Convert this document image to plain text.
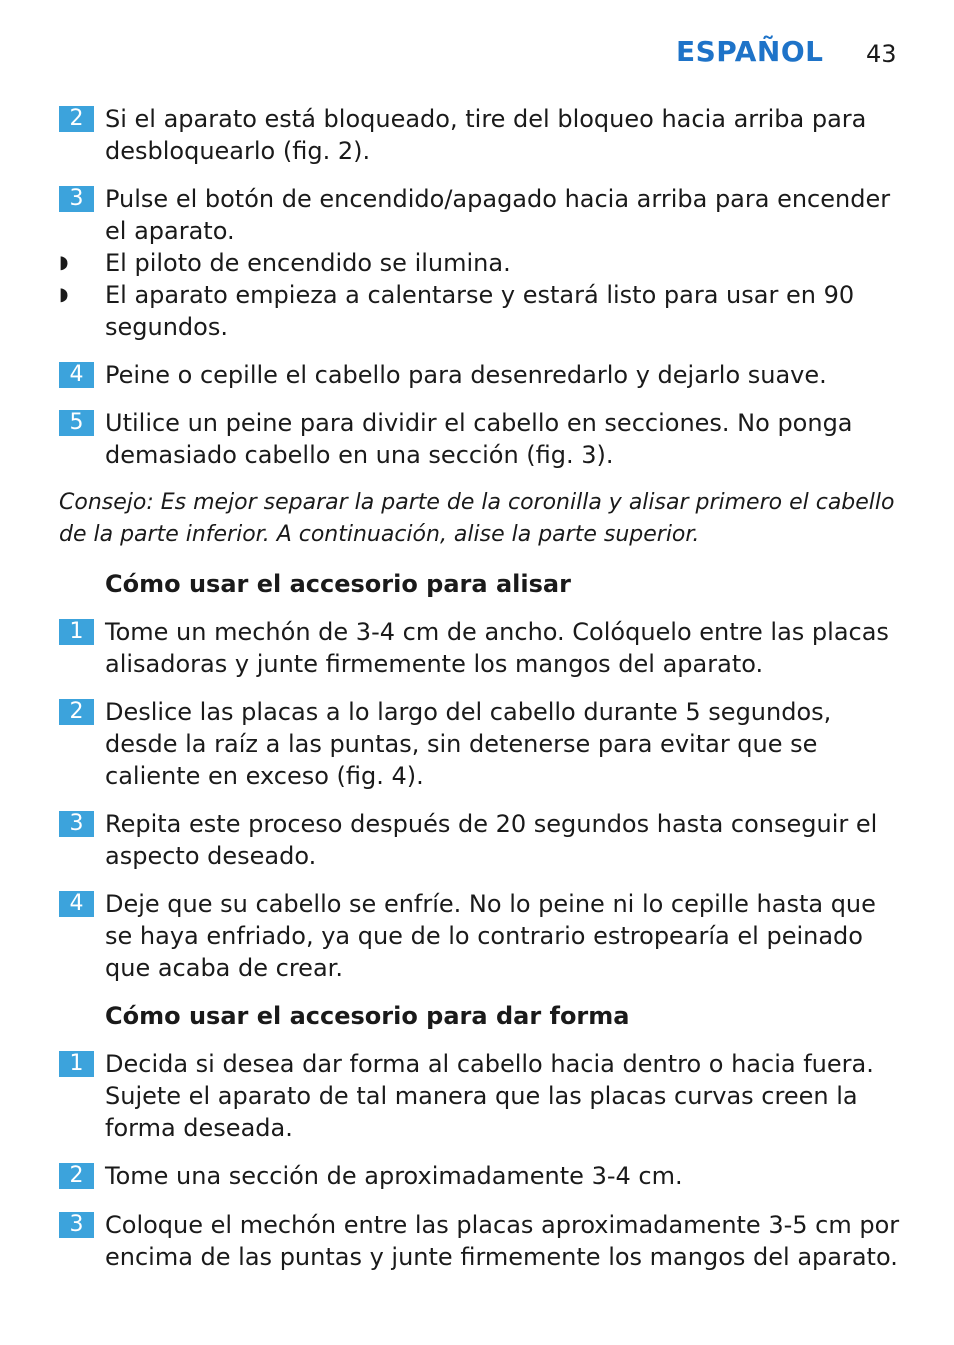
ESPAÑOL 43
2 Si el aparato está bloqueado, tire del bloqueo hacia arriba para desbloquearlo (fig. 2).
3 Pulse el botón de encendido/apagado hacia arriba para encender el aparato.
◗	El piloto de encendido se ilumina.
◗	El aparato empieza a calentarse y estará listo para usar en 90 segundos.
4 Peine o cepille el cabello para desenredarlo y dejarlo suave.
5 Utilice un peine para dividir el cabello en secciones. No ponga demasiado cabello en una sección (fig. 3).
Consejo: Es mejor separar la parte de la coronilla y alisar primero el cabello de la parte inferior. A continuación, alise la parte superior.
Cómo usar el accesorio para alisar
1 Tome un mechón de 3-4 cm de ancho. Colóquelo entre las placas alisadoras y junte firmemente los mangos del aparato.
2 Deslice las placas a lo largo del cabello durante 5 segundos, desde la raíz a las puntas, sin detenerse para evitar que se caliente en exceso (fig. 4).
3 Repita este proceso después de 20 segundos hasta conseguir el aspecto deseado.
4 Deje que su cabello se enfríe. No lo peine ni lo cepille hasta que se haya enfriado, ya que de lo contrario estropearía el peinado que acaba de crear.
Cómo usar el accesorio para dar forma
1 Decida si desea dar forma al cabello hacia dentro o hacia fuera. Sujete el aparato de tal manera que las placas curvas creen la forma deseada.
2 Tome una sección de aproximadamente 3-4 cm.
3 Coloque el mechón entre las placas aproximadamente 3-5 cm por encima de las puntas y junte firmemente los mangos del aparato.
